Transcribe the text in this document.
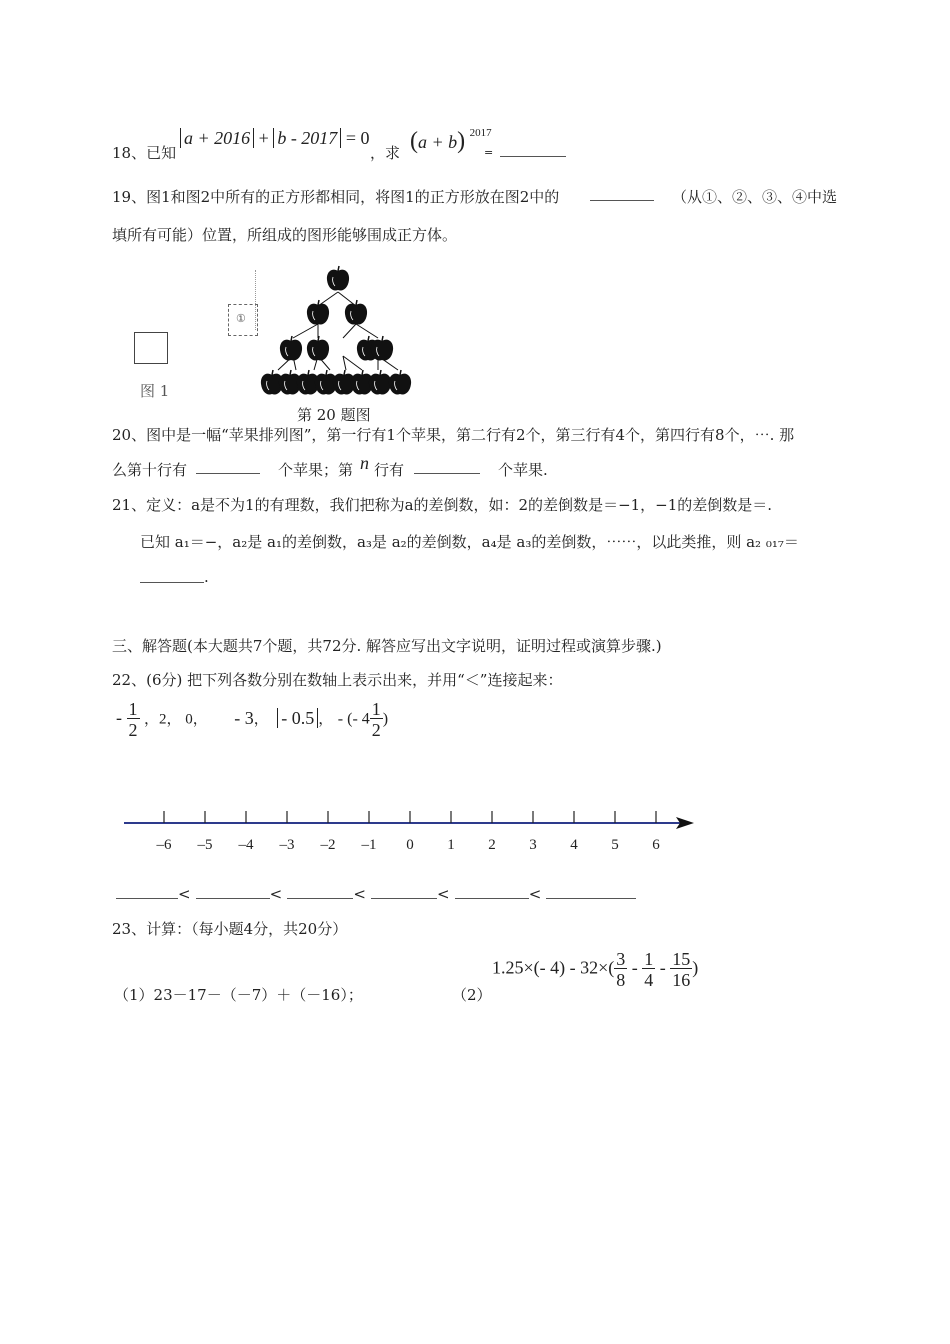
18、已知
a + 2016 + b - 2017 = 0
，求 (a + b) $^{2017}$
=
19、图1和图2中所有的正方形都相同，将图1的正方形放在图2中的	（从①、②、③、④中选
填所有可能）位置，所组成的图形能够围成正方体。
图 1
①
第 20 题图
20、图中是一幅“苹果排列图”，第一行有1个苹果，第二行有2个，第三行有4个，第四行有8个，⋯. 那
么第十行有	个苹果；第 n 行有	个苹果.
21、定义：a是不为1的有理数，我们把称为a的差倒数，如：2的差倒数是＝−1，−1的差倒数是＝.
已知 a₁＝−，a₂是 a₁的差倒数，a₃是 a₂的差倒数，a₄是 a₃的差倒数，⋯⋯，以此类推，则 a₂ ₀₁₇＝
.
三、解答题(本大题共7个题，共72分. 解答应写出文字说明，证明过程或演算步骤.)
22、(6分) 把下列各数分别在数轴上表示出来，并用“＜”连接起来：
- $\frac{1}{2}$ ，2， 0， - 3， - 0.5 ， - (- $4 \frac{1}{2}$ )
–6 –5 –4 –3 –2 –1 0 1 2 3 4 5 6
<	<	<	<	<
23、计算：（每小题4分，共20分）
（1）23－17－（－7）＋（－16）；	（2）
1.25×(- $4) - 32\times( \frac{3}{8} - \frac{1}{4} - \frac{15}{16}$ )
